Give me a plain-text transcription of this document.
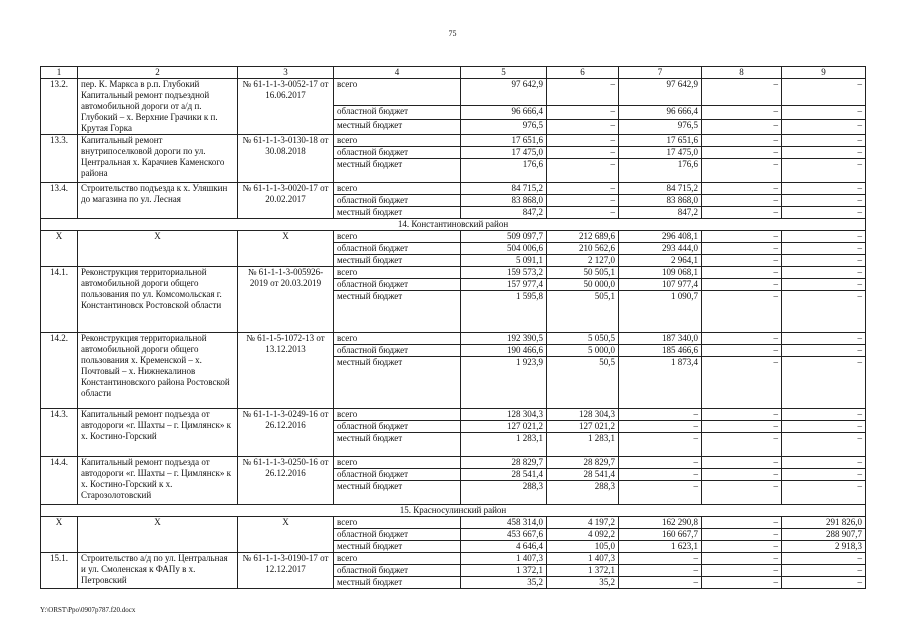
75
1	2	3	4	5	6	7	8	9
13.2.	пер. К. Маркса в р.п. Глубокий Капитальный ремонт подъездной автомобильной дороги от а/д п. Глубокий – х. Верхние Грачики к п. Крутая Горка	№ 61-1-1-3-0052-17 от 16.06.2017	всего	97 642,9	–	97 642,9	–	–
			областной бюджет	96 666,4	–	96 666,4	–	–
			местный бюджет	976,5	–	976,5	–	–
13.3.	Капитальный ремонт внутрипоселковой дороги по ул. Центральная х. Карачиев Каменского района	№ 61-1-1-3-0130-18 от 30.08.2018	всего	17 651,6	–	17 651,6	–	–
			областной бюджет	17 475,0	–	17 475,0	–	–
			местный бюджет	176,6	–	176,6	–	–
13.4.	Строительство подъезда к х. Уляшкин до магазина по ул. Лесная	№ 61-1-1-3-0020-17 от 20.02.2017	всего	84 715,2	–	84 715,2	–	–
			областной бюджет	83 868,0	–	83 868,0	–	–
			местный бюджет	847,2	–	847,2	–	–
14. Константиновский район								
Х	Х	Х	всего	509 097,7	212 689,6	296 408,1	–	–
			областной бюджет	504 006,6	210 562,6	293 444,0	–	–
			местный бюджет	5 091,1	2 127,0	2 964,1	–	–
14.1.	Реконструкция территориальной автомобильной дороги общего пользования по ул. Комсомольская г. Константиновск Ростовской области	№ 61-1-1-3-005926-2019 от 20.03.2019	всего	159 573,2	50 505,1	109 068,1	–	–
			областной бюджет	157 977,4	50 000,0	107 977,4	–	–
			местный бюджет	1 595,8	505,1	1 090,7	–	–
14.2.	Реконструкция территориальной автомобильной дороги общего пользования х. Кременской – х. Почтовый – х. Нижнекалинов Константиновского района Ростовской области	№ 61-1-5-1072-13 от 13.12.2013	всего	192 390,5	5 050,5	187 340,0	–	–
			областной бюджет	190 466,6	5 000,0	185 466,6	–	–
			местный бюджет	1 923,9	50,5	1 873,4	–	–
14.3.	Капитальный ремонт подъезда от автодороги «г. Шахты – г. Цимлянск» к х. Костино-Горский	№ 61-1-1-3-0249-16 от 26.12.2016	всего	128 304,3	128 304,3	–	–	–
			областной бюджет	127 021,2	127 021,2	–	–	–
			местный бюджет	1 283,1	1 283,1	–	–	–
14.4.	Капитальный ремонт подъезда от автодороги «г. Шахты – г. Цимлянск» к х. Костино-Горский к х. Старозолотовский	№ 61-1-1-3-0250-16 от 26.12.2016	всего	28 829,7	28 829,7	–	–	–
			областной бюджет	28 541,4	28 541,4	–	–	–
			местный бюджет	288,3	288,3	–	–	–
15. Красносулинский район								
Х	Х	Х	всего	458 314,0	4 197,2	162 290,8	–	291 826,0
			областной бюджет	453 667,6	4 092,2	160 667,7	–	288 907,7
			местный бюджет	4 646,4	105,0	1 623,1	–	2 918,3
15.1.	Строительство а/д по ул. Центральная и ул. Смоленская к ФАПу в х. Петровский	№ 61-1-1-3-0190-17 от 12.12.2017	всего	1 407,3	1 407,3	–	–	–
			областной бюджет	1 372,1	1 372,1	–	–	–
			местный бюджет	35,2	35,2	–	–	–
Y:\ORST\Ppo\0907p787.f20.docx
